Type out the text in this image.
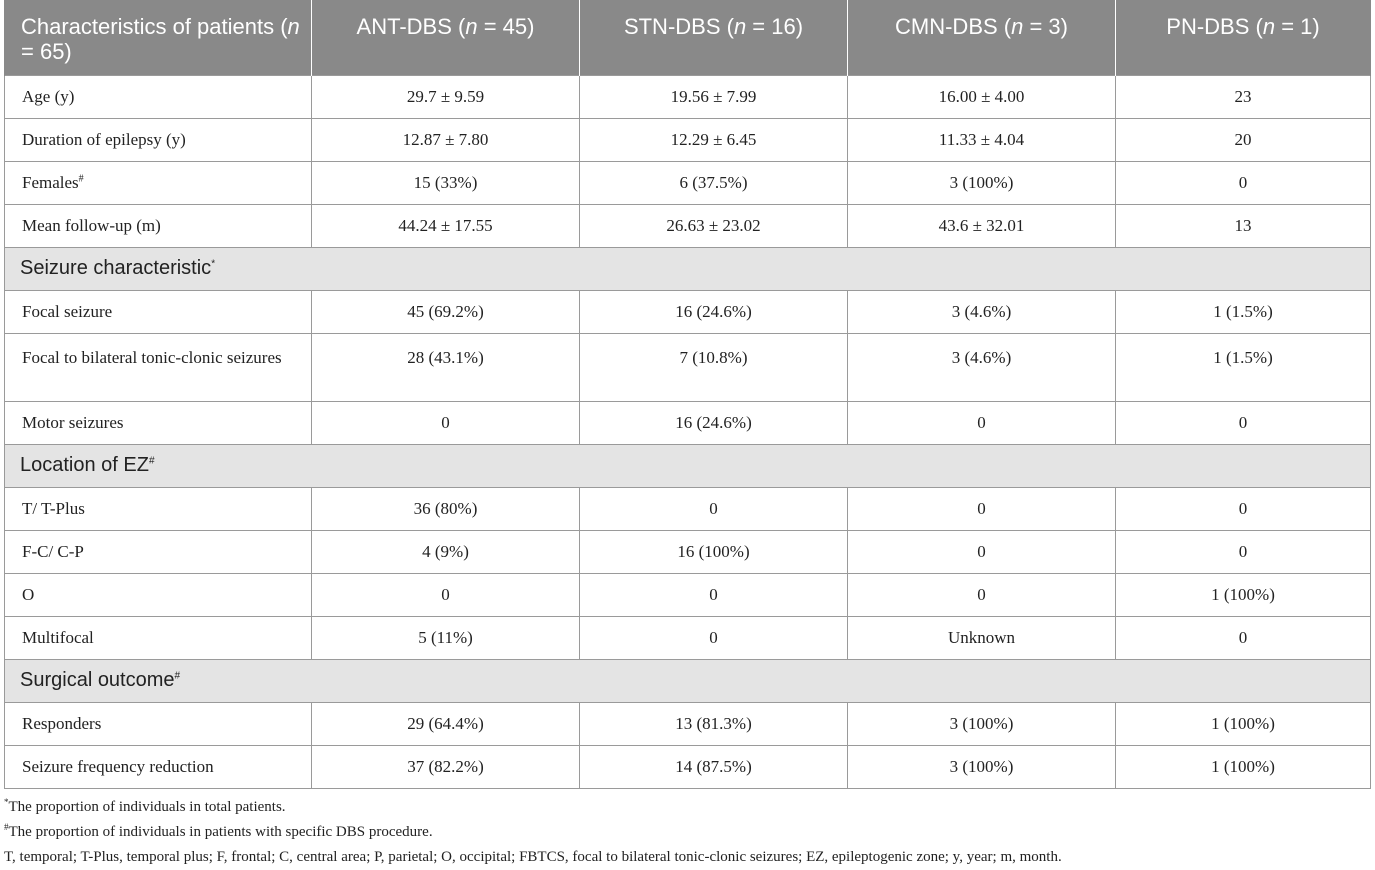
Characteristics of patients (n = 65)	ANT-DBS (n = 45)	STN-DBS (n = 16)	CMN-DBS (n = 3)	PN-DBS (n = 1)
Age (y)	29.7 ± 9.59	19.56 ± 7.99	16.00 ± 4.00	23
Duration of epilepsy (y)	12.87 ± 7.80	12.29 ± 6.45	11.33 ± 4.04	20
Females#	15 (33%)	6 (37.5%)	3 (100%)	0
Mean follow-up (m)	44.24 ± 17.55	26.63 ± 23.02	43.6 ± 32.01	13
Seizure characteristic*
Focal seizure	45 (69.2%)	16 (24.6%)	3 (4.6%)	1 (1.5%)
Focal to bilateral tonic-clonic seizures	28 (43.1%)	7 (10.8%)	3 (4.6%)	1 (1.5%)
Motor seizures	0	16 (24.6%)	0	0
Location of EZ#
T/ T-Plus	36 (80%)	0	0	0
F-C/ C-P	4 (9%)	16 (100%)	0	0
O	0	0	0	1 (100%)
Multifocal	5 (11%)	0	Unknown	0
Surgical outcome#
Responders	29 (64.4%)	13 (81.3%)	3 (100%)	1 (100%)
Seizure frequency reduction	37 (82.2%)	14 (87.5%)	3 (100%)	1 (100%)

*The proportion of individuals in total patients.

#The proportion of individuals in patients with specific DBS procedure.

T, temporal; T-Plus, temporal plus; F, frontal; C, central area; P, parietal; O, occipital; FBTCS, focal to bilateral tonic-clonic seizures; EZ, epileptogenic zone; y, year; m, month.
